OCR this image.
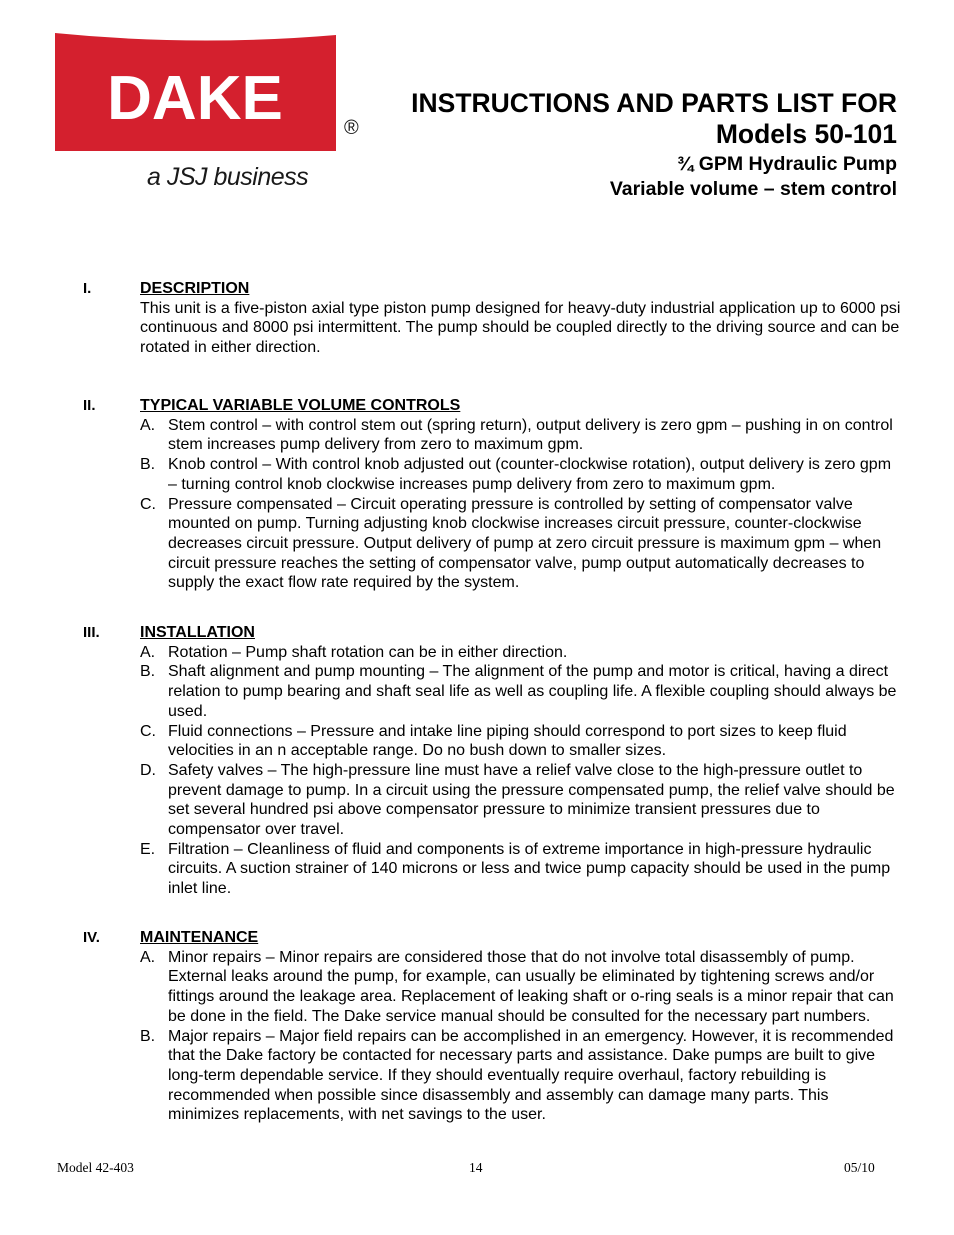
DAKE	®
a JSJ business
INSTRUCTIONS AND PARTS LIST FOR
Models 50-101
¾ GPM Hydraulic Pump
Variable volume – stem control
I.	DESCRIPTION
This unit is a five-piston axial type piston pump designed for heavy-duty industrial application up to 6000 psi continuous and 8000 psi intermittent. The pump should be coupled directly to the driving source and can be rotated in either direction.
II.	TYPICAL VARIABLE VOLUME CONTROLS
A. Stem control – with control stem out (spring return), output delivery is zero gpm – pushing in on control stem increases pump delivery from zero to maximum gpm.
B. Knob control – With control knob adjusted out (counter-clockwise rotation), output delivery is zero gpm – turning control knob clockwise increases pump delivery from zero to maximum gpm.
C. Pressure compensated – Circuit operating pressure is controlled by setting of compensator valve mounted on pump. Turning adjusting knob clockwise increases circuit pressure, counter-clockwise decreases circuit pressure. Output delivery of pump at zero circuit pressure is maximum gpm – when circuit pressure reaches the setting of compensator valve, pump output automatically decreases to supply the exact flow rate required by the system.
III.	INSTALLATION
A. Rotation – Pump shaft rotation can be in either direction.
B. Shaft alignment and pump mounting – The alignment of the pump and motor is critical, having a direct relation to pump bearing and shaft seal life as well as coupling life. A flexible coupling should always be used.
C. Fluid connections – Pressure and intake line piping should correspond to port sizes to keep fluid velocities in an n acceptable range. Do no bush down to smaller sizes.
D. Safety valves – The high-pressure line must have a relief valve close to the high-pressure outlet to prevent damage to pump. In a circuit using the pressure compensated pump, the relief valve should be set several hundred psi above compensator pressure to minimize transient pressures due to compensator over travel.
E. Filtration – Cleanliness of fluid and components is of extreme importance in high-pressure hydraulic circuits. A suction strainer of 140 microns or less and twice pump capacity should be used in the pump inlet line.
IV.	MAINTENANCE
A. Minor repairs – Minor repairs are considered those that do not involve total disassembly of pump. External leaks around the pump, for example, can usually be eliminated by tightening screws and/or fittings around the leakage area. Replacement of leaking shaft or o-ring seals is a minor repair that can be done in the field. The Dake service manual should be consulted for the necessary part numbers.
B. Major repairs – Major field repairs can be accomplished in an emergency. However, it is recommended that the Dake factory be contacted for necessary parts and assistance. Dake pumps are built to give long-term dependable service. If they should eventually require overhaul, factory rebuilding is recommended when possible since disassembly and assembly can damage many parts. This minimizes replacements, with net savings to the user.
Model 42-403	14	05/10
